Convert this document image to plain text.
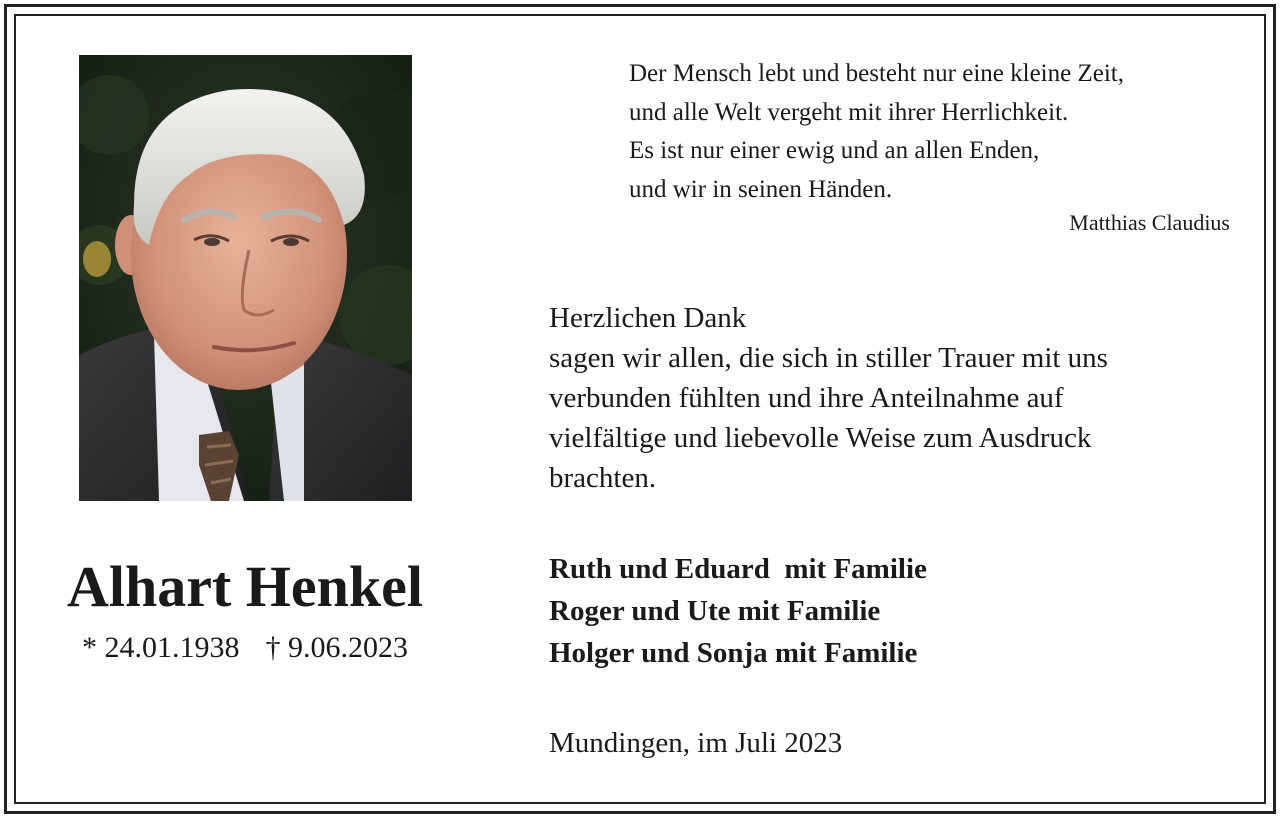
Alhart Henkel
* 24.01.1938 † 9.06.2023
Der Mensch lebt und besteht nur eine kleine Zeit,
und alle Welt vergeht mit ihrer Herrlichkeit.
Es ist nur einer ewig und an allen Enden,
und wir in seinen Händen.
Matthias Claudius
Herzlichen Dank
sagen wir allen, die sich in stiller Trauer mit uns
verbunden fühlten und ihre Anteilnahme auf
vielfältige und liebevolle Weise zum Ausdruck
brachten.
Ruth und Eduard  mit Familie
Roger und Ute mit Familie
Holger und Sonja mit Familie
Mundingen, im Juli 2023
